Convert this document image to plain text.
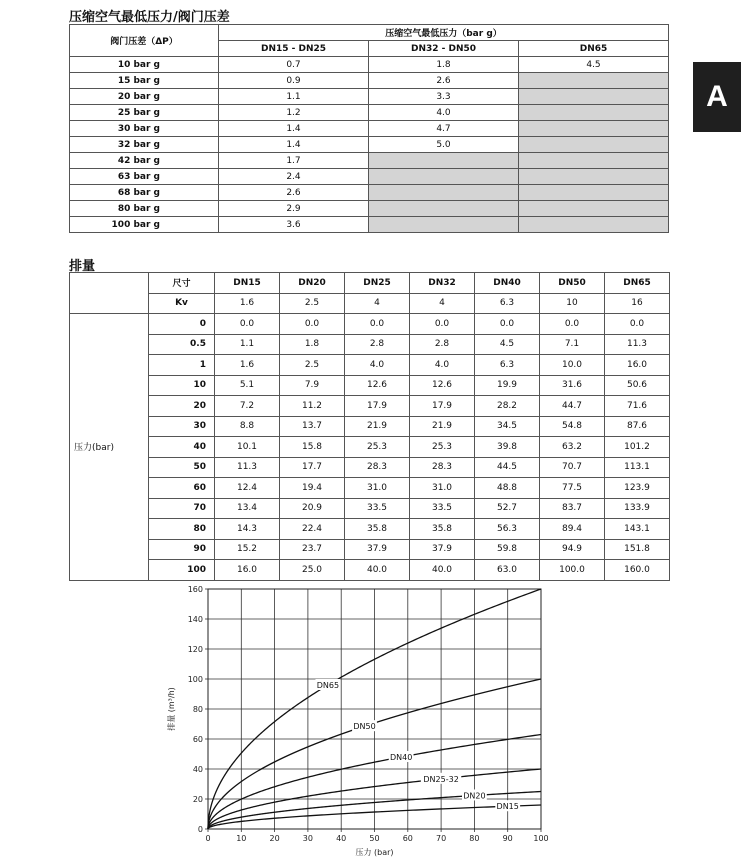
压缩空气最低压力/阀门压差
A
阀门压差（ΔP）	压缩空气最低压力（bar g）		
	DN15 - DN25	DN32 - DN50	DN65
10 bar g	0.7	1.8	4.5
15 bar g	0.9	2.6	
20 bar g	1.1	3.3	
25 bar g	1.2	4.0	
30 bar g	1.4	4.7	
32 bar g	1.4	5.0	
42 bar g	1.7		
63 bar g	2.4		
68 bar g	2.6		
80 bar g	2.9		
100 bar g	3.6		
排量
	尺寸	DN15	DN20	DN25	DN32	DN40	DN50	DN65
	Kv	1.6	2.5	4	4	6.3	10	16
压力(bar)	0	0.0	0.0	0.0	0.0	0.0	0.0	0.0
	0.5	1.1	1.8	2.8	2.8	4.5	7.1	11.3
	1	1.6	2.5	4.0	4.0	6.3	10.0	16.0
	10	5.1	7.9	12.6	12.6	19.9	31.6	50.6
	20	7.2	11.2	17.9	17.9	28.2	44.7	71.6
	30	8.8	13.7	21.9	21.9	34.5	54.8	87.6
	40	10.1	15.8	25.3	25.3	39.8	63.2	101.2
	50	11.3	17.7	28.3	28.3	44.5	70.7	113.1
	60	12.4	19.4	31.0	31.0	48.8	77.5	123.9
	70	13.4	20.9	33.5	33.5	52.7	83.7	133.9
	80	14.3	22.4	35.8	35.8	56.3	89.4	143.1
	90	15.2	23.7	37.9	37.9	59.8	94.9	151.8
	100	16.0	25.0	40.0	40.0	63.0	100.0	160.0
0	10	20	30	40	50	60	70	80	90	100
0
20
40
60
80
100
120
140
160
DN65
DN50
DN40
DN25-32
DN20
DN15
压力 (bar)
排量 (m³/h)
